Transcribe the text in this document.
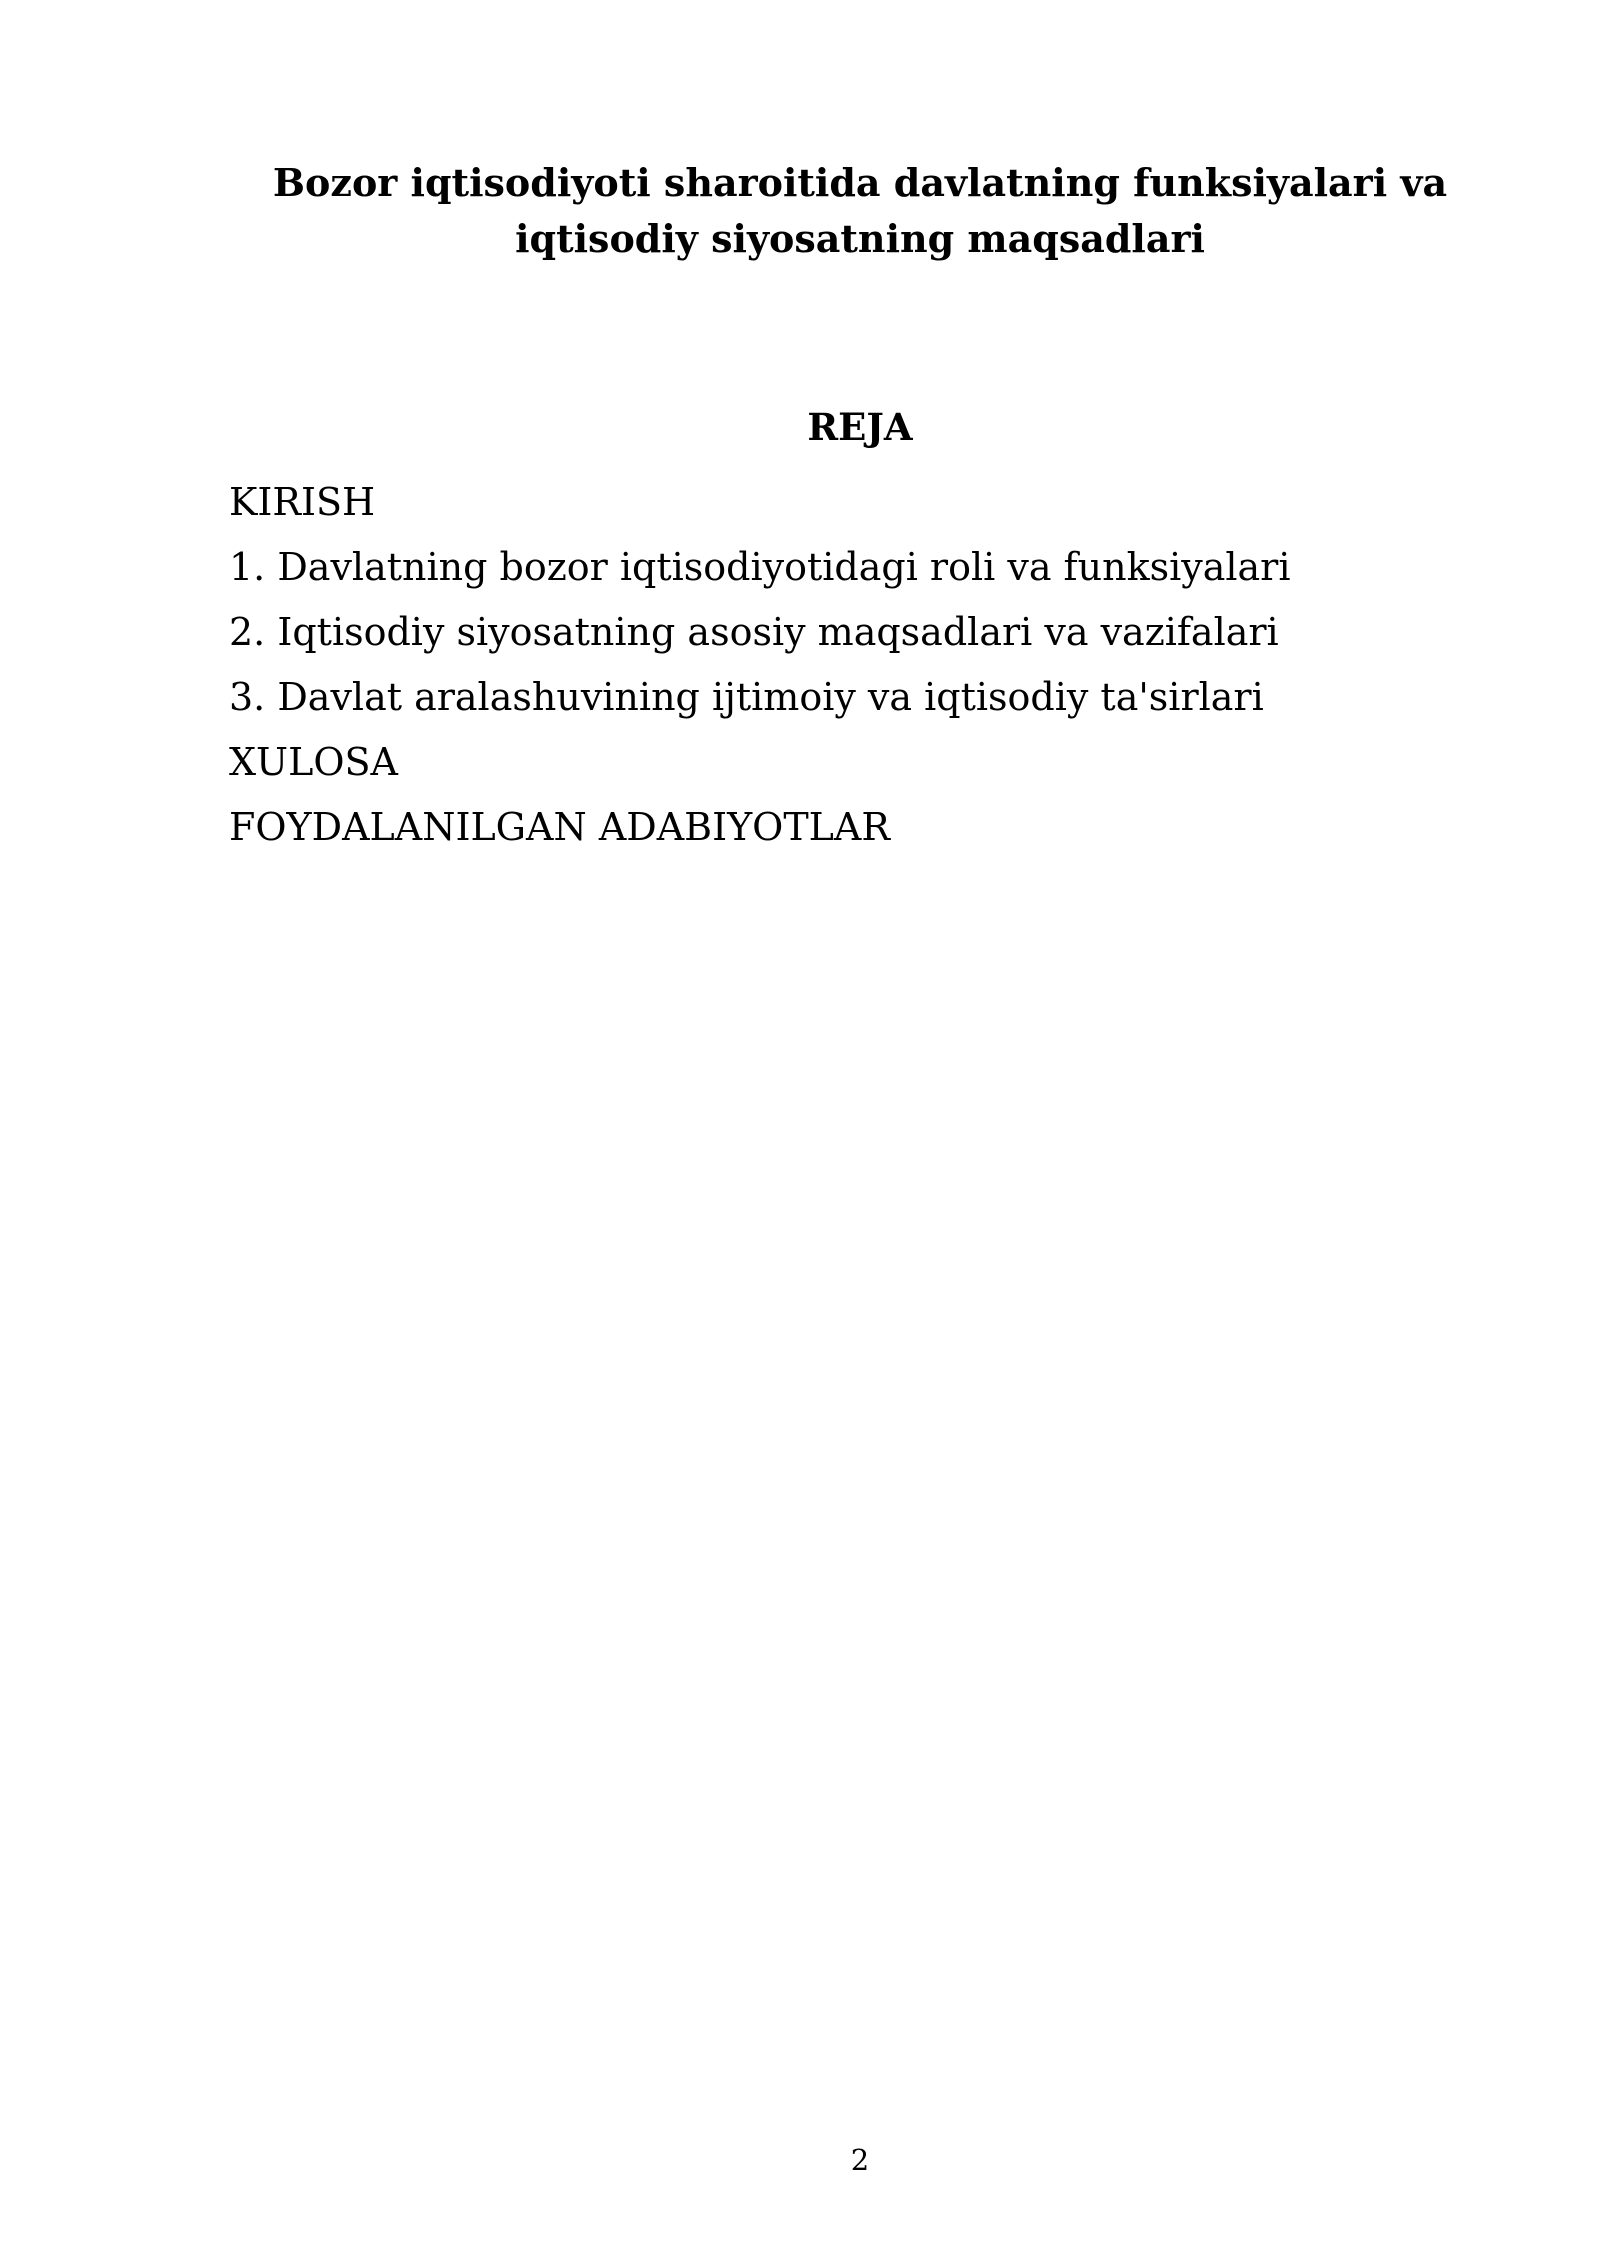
Bozor iqtisodiyoti sharoitida davlatning funksiyalari va
iqtisodiy siyosatning maqsadlari
REJA
KIRISH
1. Davlatning bozor iqtisodiyotidagi roli va funksiyalari
2. Iqtisodiy siyosatning asosiy maqsadlari va vazifalari
3. Davlat aralashuvining ijtimoiy va iqtisodiy ta'sirlari
XULOSA
FOYDALANILGAN ADABIYOTLAR
2
